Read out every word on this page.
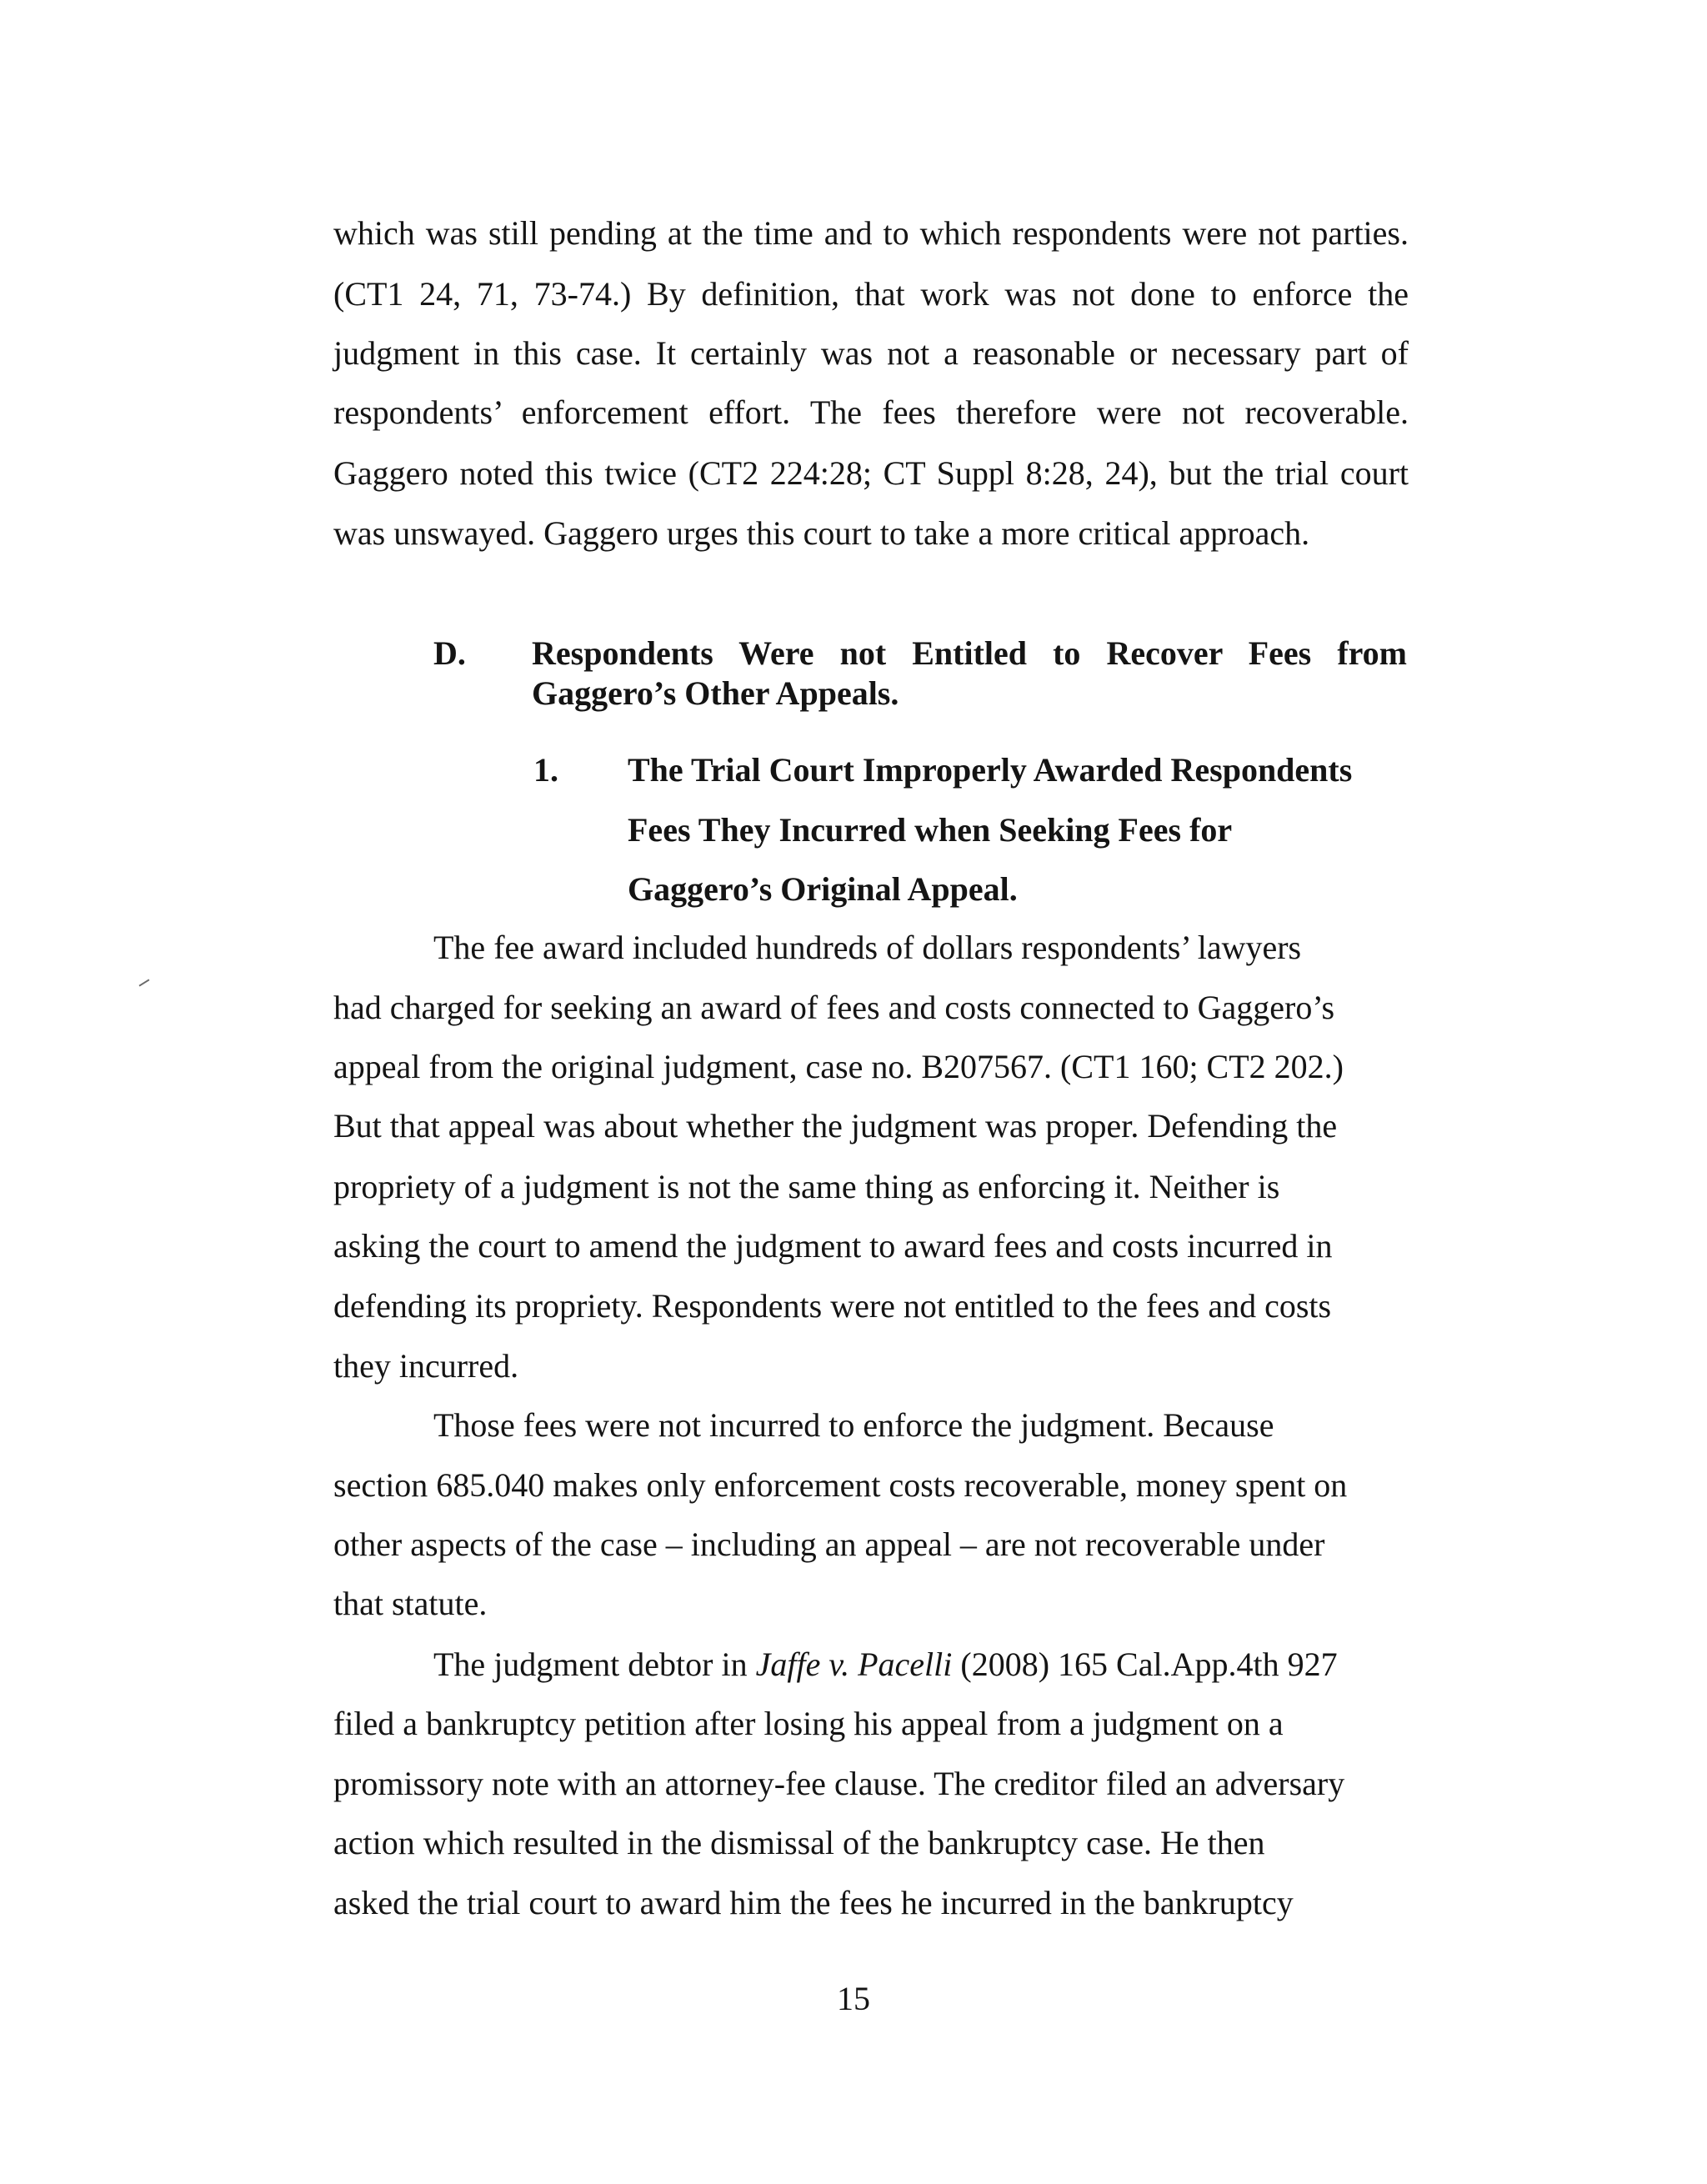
which was still pending at the time and to which respondents were not parties.

(CT1 24, 71, 73-74.) By definition, that work was not done to enforce the

judgment in this case. It certainly was not a reasonable or necessary part of

respondents’ enforcement effort. The fees therefore were not recoverable.

Gaggero noted this twice (CT2 224:28; CT Suppl 8:28, 24), but the trial court

was unswayed. Gaggero urges this court to take a more critical approach.

D. Respondents Were not Entitled to Recover Fees from

Gaggero’s Other Appeals.

1. The Trial Court Improperly Awarded Respondents

Fees They Incurred when Seeking Fees for

Gaggero’s Original Appeal.

The fee award included hundreds of dollars respondents’ lawyers

had charged for seeking an award of fees and costs connected to Gaggero’s

appeal from the original judgment, case no. B207567. (CT1 160; CT2 202.)

But that appeal was about whether the judgment was proper. Defending the

propriety of a judgment is not the same thing as enforcing it. Neither is

asking the court to amend the judgment to award fees and costs incurred in

defending its propriety. Respondents were not entitled to the fees and costs

they incurred.

Those fees were not incurred to enforce the judgment. Because

section 685.040 makes only enforcement costs recoverable, money spent on

other aspects of the case – including an appeal – are not recoverable under

that statute.

The judgment debtor in Jaffe v. Pacelli (2008) 165 Cal.App.4th 927

filed a bankruptcy petition after losing his appeal from a judgment on a

promissory note with an attorney-fee clause. The creditor filed an adversary

action which resulted in the dismissal of the bankruptcy case. He then

asked the trial court to award him the fees he incurred in the bankruptcy

15
